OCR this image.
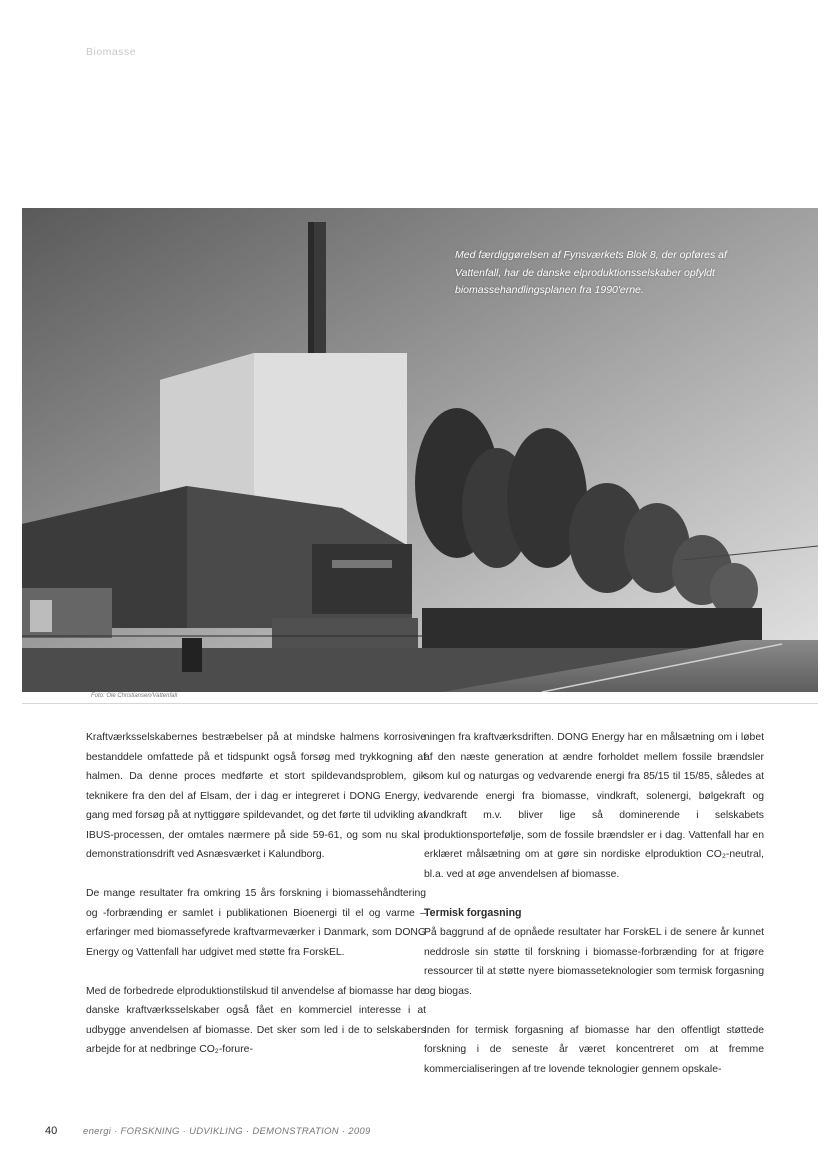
Biomasse
Med færdiggørelsen af Fynsværkets Blok 8, der opføres af Vattenfall, har de danske elproduktionsselskaber opfyldt biomassehandlingsplanen fra 1990'erne.
Foto: Ole Christiansen/Vattenfall

Kraftværksselskabernes bestræbelser på at mindske halmens korrosive bestanddele omfattede på et tidspunkt også forsøg med trykkogning af halmen. Da denne proces medførte et stort spildevandsproblem, gik teknikere fra den del af Elsam, der i dag er integreret i DONG Energy, i gang med forsøg på at nyttiggøre spildevandet, og det førte til udvikling af IBUS-processen, der omtales nærmere på side 59-61, og som nu skal i demonstrationsdrift ved Asnæsværket i Kalundborg.

De mange resultater fra omkring 15 års forskning i biomassehåndtering og -forbrænding er samlet i publikationen Bioenergi til el og varme – erfaringer med biomassefyrede kraftvarmeværker i Danmark, som DONG Energy og Vattenfall har udgivet med støtte fra ForskEL.

Med de forbedrede elproduktionstilskud til anvendelse af biomasse har de danske kraftværksselskaber også fået en kommerciel interesse i at udbygge anvendelsen af biomasse. Det sker som led i de to selskabers arbejde for at nedbringe CO₂-forure-

ningen fra kraftværksdriften. DONG Energy har en målsætning om i løbet af den næste generation at ændre forholdet mellem fossile brændsler som kul og naturgas og vedvarende energi fra 85/15 til 15/85, således at vedvarende energi fra biomasse, vindkraft, solenergi, bølgekraft og vandkraft m.v. bliver lige så dominerende i selskabets produktionsportefølje, som de fossile brændsler er i dag. Vattenfall har en erklæret målsætning om at gøre sin nordiske elproduktion CO₂-neutral, bl.a. ved at øge anvendelsen af biomasse.

Termisk forgasning

På baggrund af de opnåede resultater har ForskEL i de senere år kunnet neddrosle sin støtte til forskning i biomasse-forbrænding for at frigøre ressourcer til at støtte nyere biomasseteknologier som termisk forgasning og biogas.

Inden for termisk forgasning af biomasse har den offentligt støttede forskning i de seneste år været koncentreret om at fremme kommercialiseringen af tre lovende teknologier gennem opskale-

40	energi · FORSKNING · UDVIKLING · DEMONSTRATION · 2009
